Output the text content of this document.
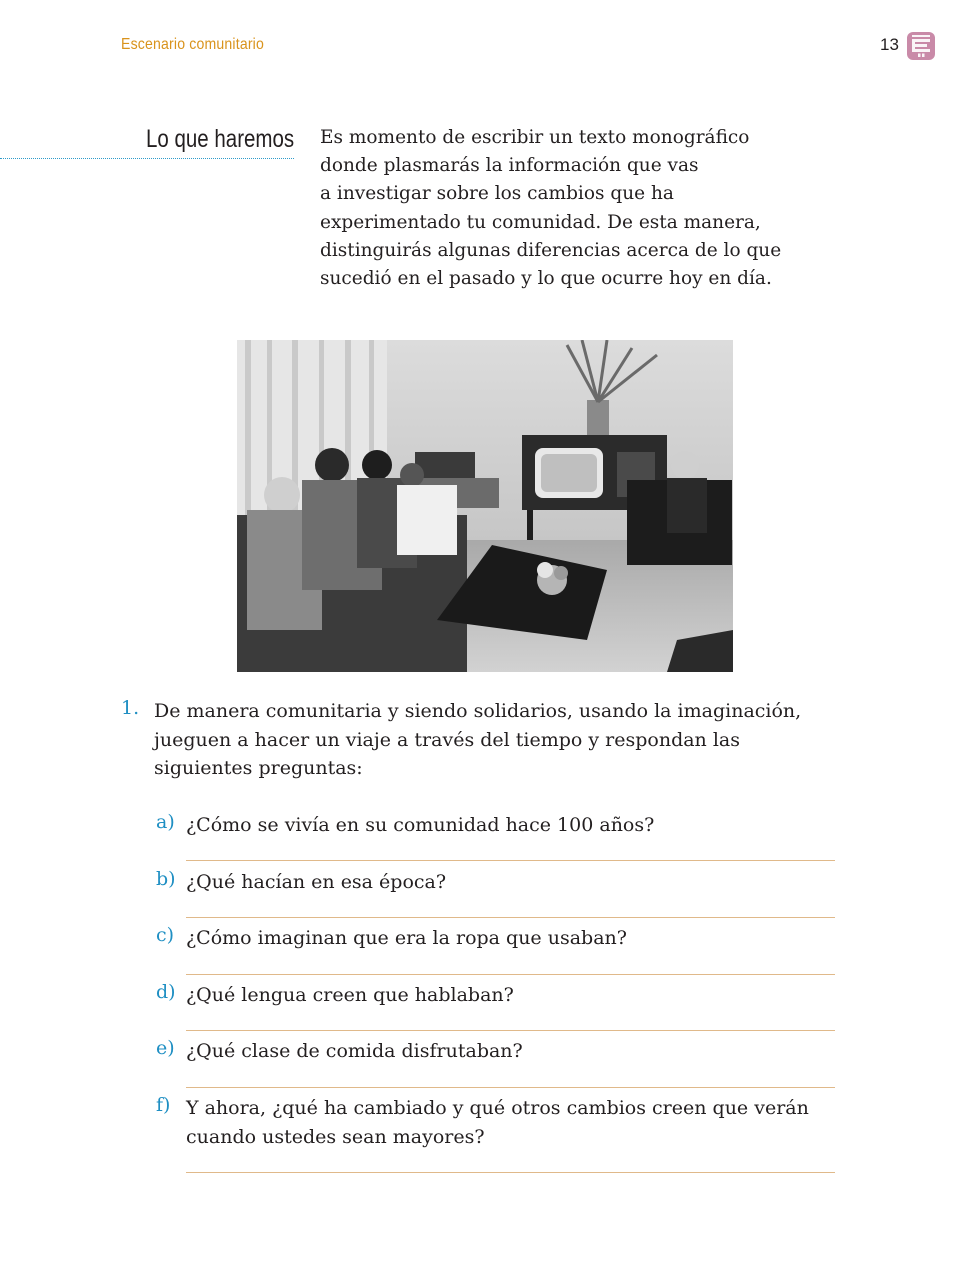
Escenario comunitario	13
Lo que haremos Es momento de escribir un texto monográfico
donde plasmarás la información que vas
a investigar sobre los cambios que ha
experimentado tu comunidad. De esta manera,
distinguirás algunas diferencias acerca de lo que
sucedió en el pasado y lo que ocurre hoy en día.
1. De manera comunitaria y siendo solidarios, usando la imaginación,
jueguen a hacer un viaje a través del tiempo y respondan las
siguientes preguntas:
a) ¿Cómo se vivía en su comunidad hace 100 años?
b) ¿Qué hacían en esa época?
c) ¿Cómo imaginan que era la ropa que usaban?
d) ¿Qué lengua creen que hablaban?
e) ¿Qué clase de comida disfrutaban?
f) Y ahora, ¿qué ha cambiado y qué otros cambios creen que verán
cuando ustedes sean mayores?
